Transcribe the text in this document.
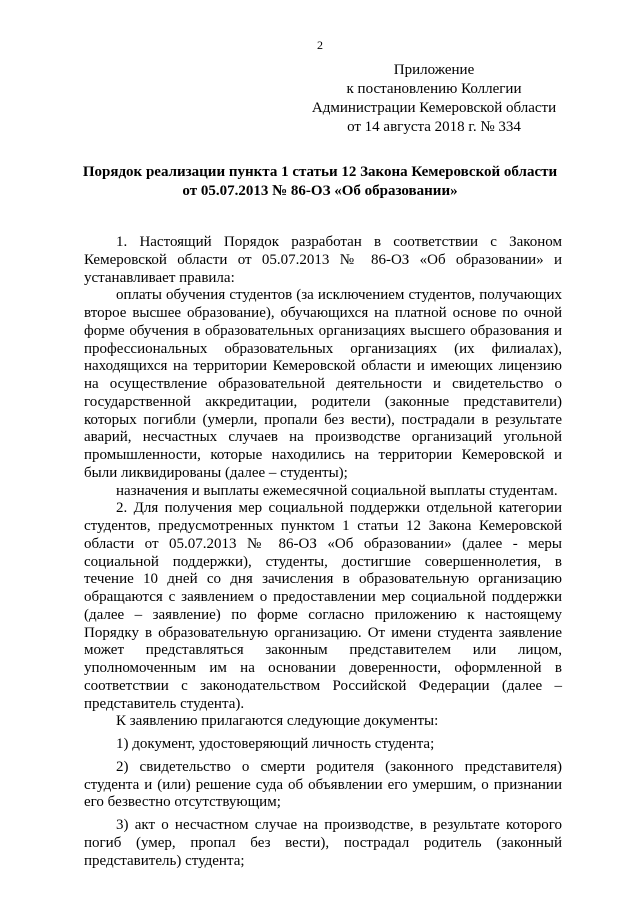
2
Приложение
к постановлению Коллегии
Администрации Кемеровской области
от 14 августа 2018 г. № 334
Порядок реализации пункта 1 статьи 12 Закона Кемеровской области
от 05.07.2013 № 86-ОЗ «Об образовании»

1. Настоящий Порядок разработан в соответствии с Законом Кемеровской области от 05.07.2013 № 86-ОЗ «Об образовании» и устанавливает правила:

оплаты обучения студентов (за исключением студентов, получающих второе высшее образование), обучающихся на платной основе по очной форме обучения в образовательных организациях высшего образования и профессиональных образовательных организациях (их филиалах), находящихся на территории Кемеровской области и имеющих лицензию на осуществление образовательной деятельности и свидетельство о государственной аккредитации, родители (законные представители) которых погибли (умерли, пропали без вести), пострадали в результате аварий, несчастных случаев на производстве организаций угольной промышленности, которые находились на территории Кемеровской и были ликвидированы (далее – студенты);

назначения и выплаты ежемесячной социальной выплаты студентам.

2. Для получения мер социальной поддержки отдельной категории студентов, предусмотренных пунктом 1 статьи 12 Закона Кемеровской области от 05.07.2013 № 86-ОЗ «Об образовании» (далее - меры социальной поддержки), студенты, достигшие совершеннолетия, в течение 10 дней со дня зачисления в образовательную организацию обращаются с заявлением о предоставлении мер социальной поддержки (далее – заявление) по форме согласно приложению к настоящему Порядку в образовательную организацию. От имени студента заявление может представляться законным представителем или лицом, уполномоченным им на основании доверенности, оформленной в соответствии с законодательством Российской Федерации (далее – представитель студента).

К заявлению прилагаются следующие документы:

1) документ, удостоверяющий личность студента;

2) свидетельство о смерти родителя (законного представителя) студента и (или) решение суда об объявлении его умершим, о признании его безвестно отсутствующим;

3) акт о несчастном случае на производстве, в результате которого погиб (умер, пропал без вести), пострадал родитель (законный представитель) студента;
